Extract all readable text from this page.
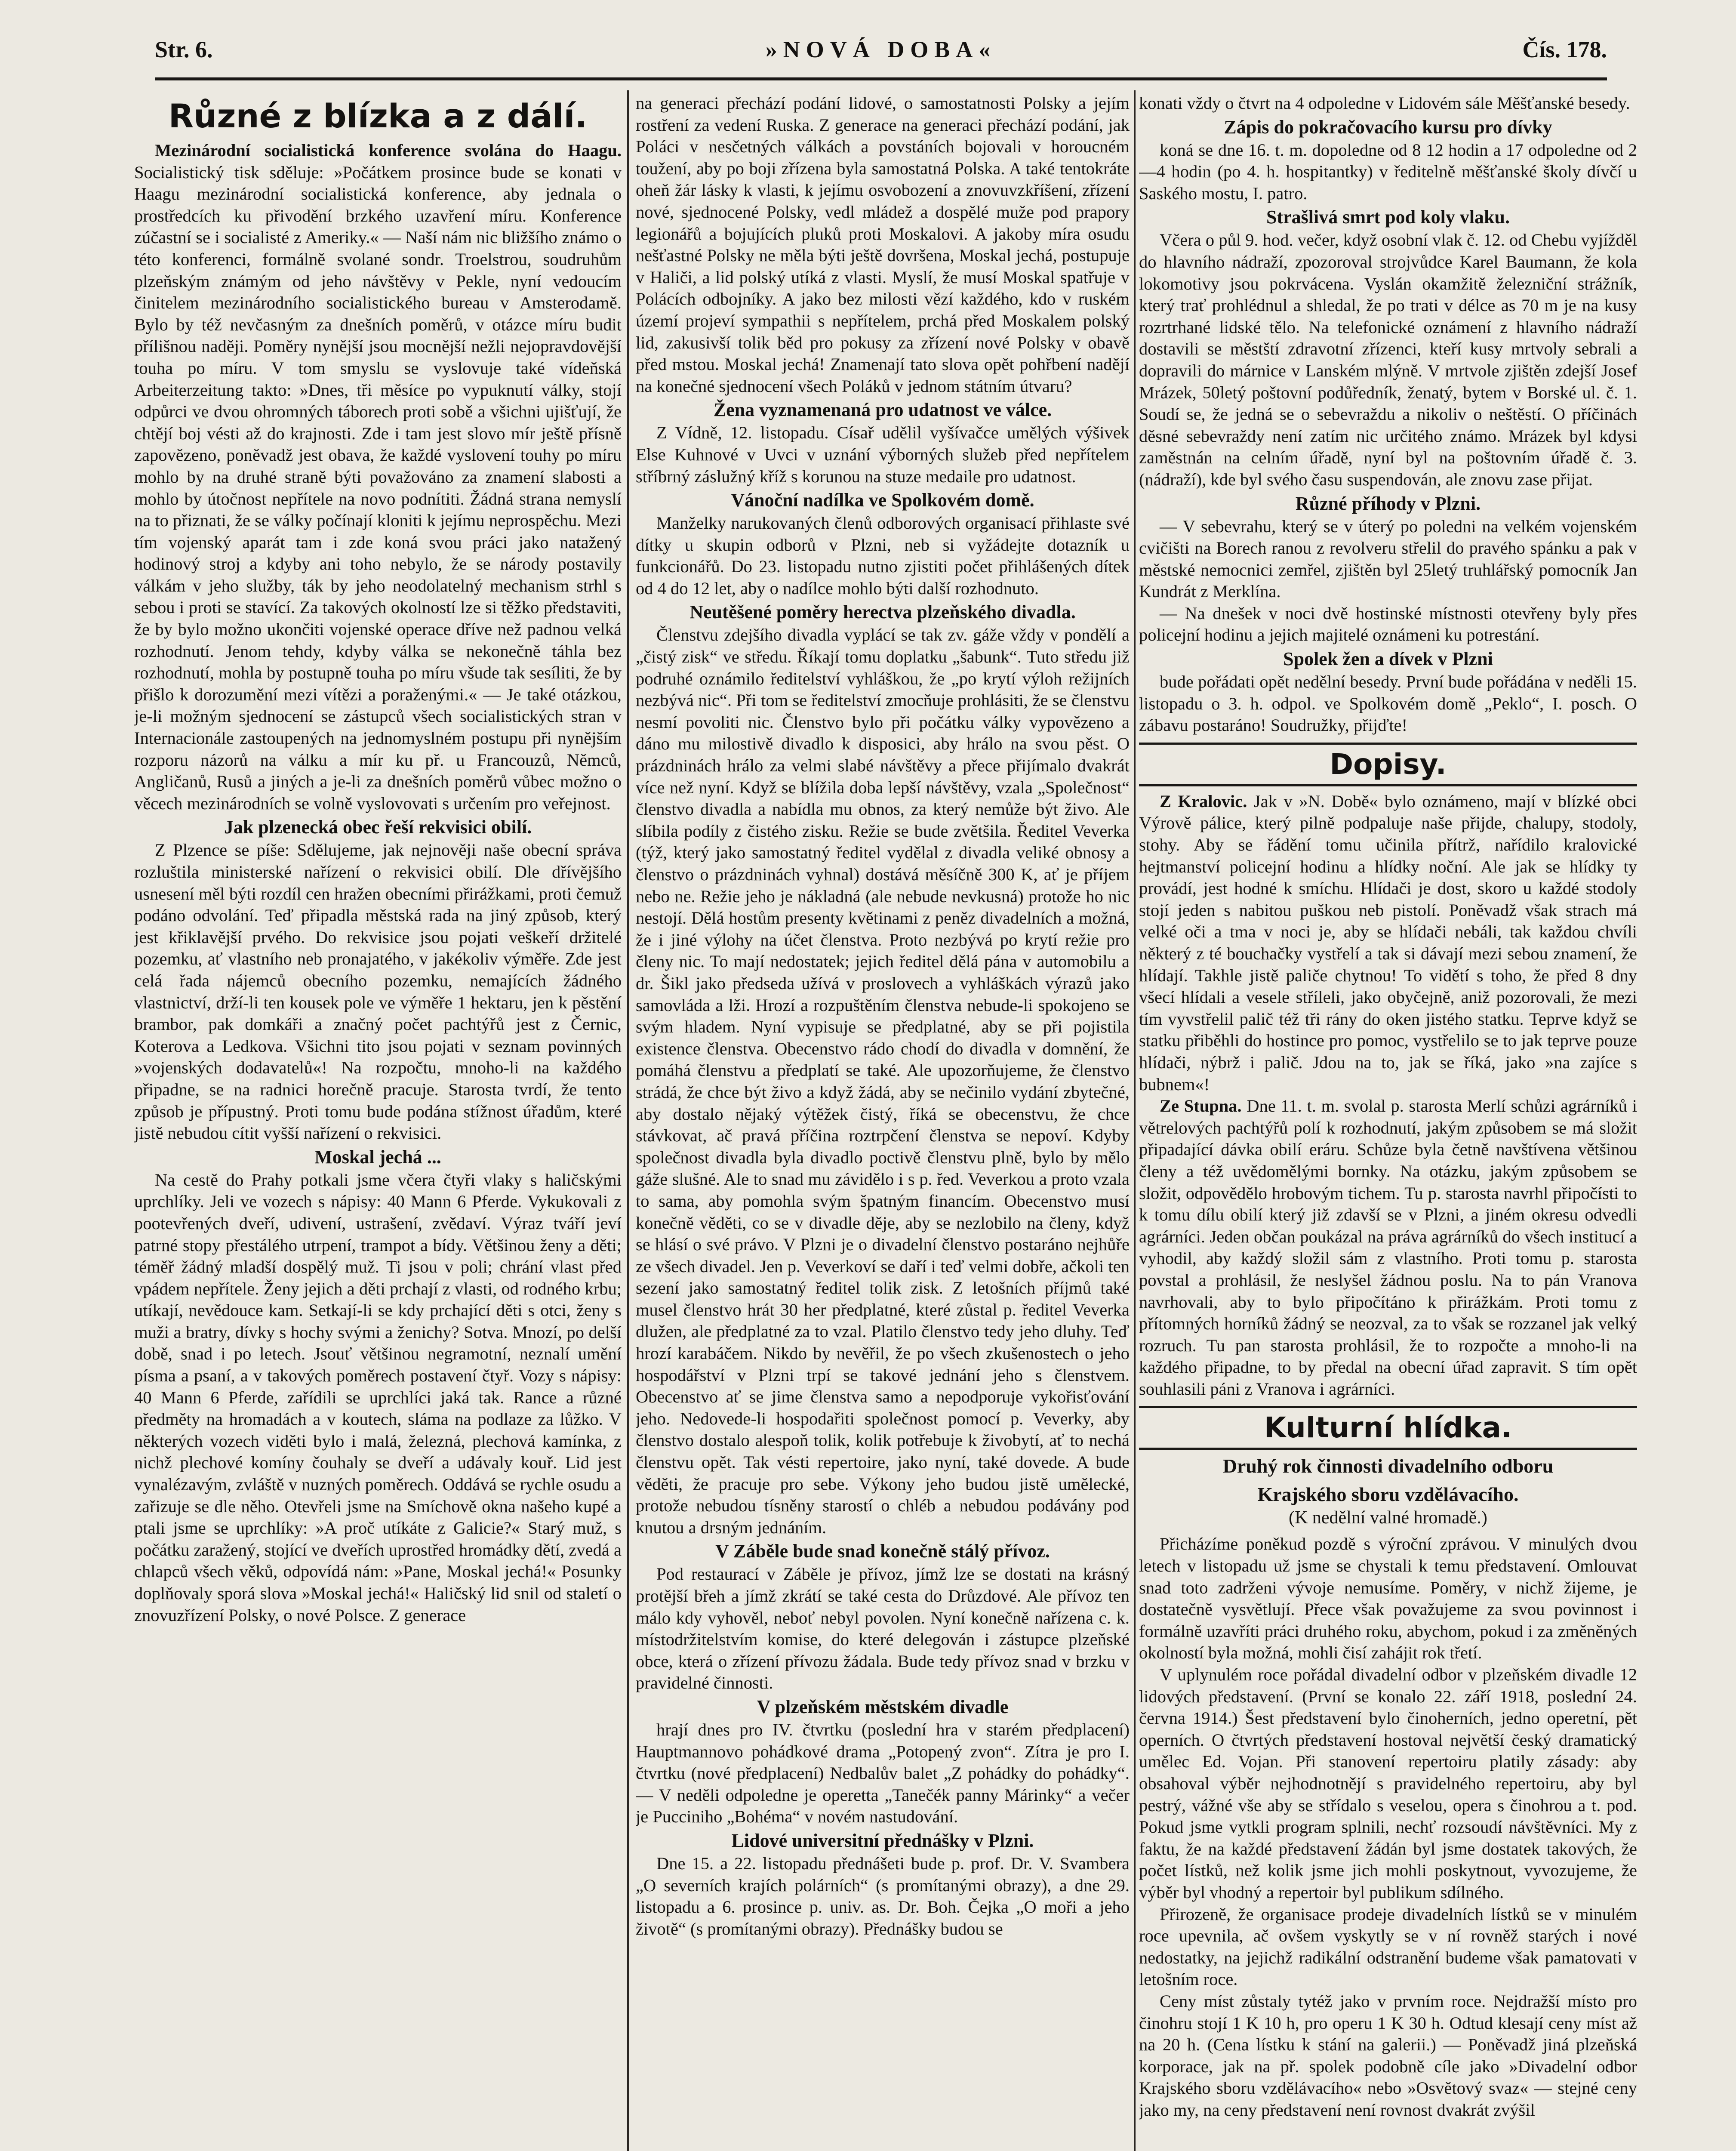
Str. 6.	»NOVÁ DOBA«	Čís. 178.
Různé z blízka a z dálí.

Mezinárodní socialistická konference svolána do Haagu. Socialistický tisk sděluje: »Počátkem prosince bude se konati v Haagu mezinárodní socialistická konference, aby jednala o prostředcích ku přivodění brzkého uzavření míru. Konference zúčastní se i socialisté z Ameriky.« — Naší nám nic bližšího známo o této konferenci, formálně svolané sondr. Troelstrou, soudruhům plzeňským známým od jeho návštěvy v Pekle, nyní vedoucím činitelem mezinárodního socialistického bureau v Amsterodamě. Bylo by též nevčasným za dnešních poměrů, v otázce míru budit přílišnou naději. Poměry nynější jsou mocnější nežli nejopravdovější touha po míru. V tom smyslu se vyslovuje také vídeňská Arbeiterzeitung takto: »Dnes, tři měsíce po vypuknutí války, stojí odpůrci ve dvou ohromných táborech proti sobě a všichni ujišťují, že chtějí boj vésti až do krajnosti. Zde i tam jest slovo mír ještě přísně zapovězeno, poněvadž jest obava, že každé vyslovení touhy po míru mohlo by na druhé straně býti považováno za znamení slabosti a mohlo by útočnost nepřítele na novo podnítiti. Žádná strana nemyslí na to přiznati, že se války počínají kloniti k jejímu neprospěchu. Mezi tím vojenský aparát tam i zde koná svou práci jako natažený hodinový stroj a kdyby ani toho nebylo, že se národy postavily válkám v jeho služby, ták by jeho neodolatelný mechanism strhl s sebou i proti se stavící. Za takových okolností lze si těžko představiti, že by bylo možno ukončiti vojenské operace dříve než padnou velká rozhodnutí. Jenom tehdy, kdyby válka se nekonečně táhla bez rozhodnutí, mohla by postupně touha po míru všude tak sesíliti, že by přišlo k dorozumění mezi vítězi a poraženými.« — Je také otázkou, je-li možným sjednocení se zástupců všech socialistických stran v Internacionále zastoupených na jednomyslném postupu při nynějším rozporu názorů na válku a mír ku př. u Francouzů, Němců, Angličanů, Rusů a jiných a je-li za dnešních poměrů vůbec možno o věcech mezinárodních se volně vyslovovati s určením pro veřejnost.

Jak plzenecká obec řeší rekvisici obilí.

Z Plzence se píše: Sdělujeme, jak nejnověji naše obecní správa rozluštila ministerské nařízení o rekvisici obilí. Dle dřívějšího usnesení měl býti rozdíl cen hražen obecními přirážkami, proti čemuž podáno odvolání. Teď připadla městská rada na jiný způsob, který jest křiklavější prvého. Do rekvisice jsou pojati veškeří držitelé pozemku, ať vlastního neb pronajatého, v jakékoliv výměře. Zde jest celá řada nájemců obecního pozemku, nemajících žádného vlastnictví, drží-li ten kousek pole ve výměře 1 hektaru, jen k pěstění brambor, pak domkáři a značný počet pachtýřů jest z Černic, Koterova a Ledkova. Všichni tito jsou pojati v seznam povinných »vojenských dodavatelů«! Na rozpočtu, mnoho-li na každého připadne, se na radnici horečně pracuje. Starosta tvrdí, že tento způsob je přípustný. Proti tomu bude podána stížnost úřadům, které jistě nebudou cítit vyšší nařízení o rekvisici.

Moskal jechá ...

Na cestě do Prahy potkali jsme včera čtyři vlaky s haličskými uprchlíky. Jeli ve vozech s nápisy: 40 Mann 6 Pferde. Vykukovali z pootevřených dveří, udivení, ustrašení, zvědaví. Výraz tváří jeví patrné stopy přestálého utrpení, trampot a bídy. Většinou ženy a děti; téměř žádný mladší dospělý muž. Ti jsou v poli; chrání vlast před vpádem nepřítele. Ženy jejich a děti prchají z vlasti, od rodného krbu; utíkají, nevědouce kam. Setkají-li se kdy prchající děti s otci, ženy s muži a bratry, dívky s hochy svými a ženichy? Sotva. Mnozí, po delší době, snad i po letech. Jsouť většinou negramotní, neznalí umění písma a psaní, a v takových poměrech postavení čtyř. Vozy s nápisy: 40 Mann 6 Pferde, zařídili se uprchlíci jaká tak. Rance a různé předměty na hromadách a v koutech, sláma na podlaze za lůžko. V některých vozech viděti bylo i malá, železná, plechová kamínka, z nichž plechové komíny čouhaly se dveří a udávaly kouř. Lid jest vynalézavým, zvláště v nuzných poměrech. Oddává se rychle osudu a zařizuje se dle něho. Otevřeli jsme na Smíchově okna našeho kupé a ptali jsme se uprchlíky: »A proč utíkáte z Galicie?« Starý muž, s počátku zaražený, stojící ve dveřích uprostřed hromádky dětí, zvedá a chlapců všech věků, odpovídá nám: »Pane, Moskal jechá!« Posunky doplňovaly sporá slova »Moskal jechá!« Haličský lid snil od staletí o znovuzřízení Polsky, o nové Polsce. Z generace

na generaci přechází podání lidové, o samostatnosti Polsky a jejím rostření za vedení Ruska. Z generace na generaci přechází podání, jak Poláci v nesčetných válkách a povstáních bojovali v horoucném toužení, aby po boji zřízena byla samostatná Polska. A také tentokráte oheň žár lásky k vlasti, k jejímu osvobození a znovuvzkříšení, zřízení nové, sjednocené Polsky, vedl mládež a dospělé muže pod prapory legionářů a bojujících pluků proti Moskalovi. A jakoby míra osudu nešťastné Polsky ne měla býti ještě dovršena, Moskal jechá, postupuje v Haliči, a lid polský utíká z vlasti. Myslí, že musí Moskal spatřuje v Polácích odbojníky. A jako bez milosti vězí každého, kdo v ruském území projeví sympathii s nepřítelem, prchá před Moskalem polský lid, zakusivší tolik běd pro pokusy za zřízení nové Polsky v obavě před mstou. Moskal jechá! Znamenají tato slova opět pohřbení nadějí na konečné sjednocení všech Poláků v jednom státním útvaru?

Žena vyznamenaná pro udatnost ve válce.

Z Vídně, 12. listopadu. Císař udělil vyšívačce umělých výšivek Else Kuhnové v Uvci v uznání výborných služeb před nepřítelem stříbrný záslužný kříž s korunou na stuze medaile pro udatnost.

Vánoční nadílka ve Spolkovém domě.

Manželky narukovaných členů odborových organisací přihlaste své dítky u skupin odborů v Plzni, neb si vyžádejte dotazník u funkcionářů. Do 23. listopadu nutno zjistiti počet přihlášených dítek od 4 do 12 let, aby o nadílce mohlo býti další rozhodnuto.

Neutěšené poměry herectva plzeňského divadla.

Členstvu zdejšího divadla vyplácí se tak zv. gáže vždy v pondělí a „čistý zisk“ ve středu. Říkají tomu doplatku „šabunk“. Tuto středu již podruhé oznámilo ředitelství vyhláškou, že „po krytí výloh režijních nezbývá nic“. Při tom se ředitelství zmocňuje prohlásiti, že se členstvu nesmí povoliti nic. Členstvo bylo při počátku války vypovězeno a dáno mu milostivě divadlo k disposici, aby hrálo na svou pěst. O prázdninách hrálo za velmi slabé návštěvy a přece přijímalo dvakrát více než nyní. Když se blížila doba lepší návštěvy, vzala „Společnost“ členstvo divadla a nabídla mu obnos, za který nemůže být živo. Ale slíbila podíly z čistého zisku. Režie se bude zvětšila. Ředitel Veverka (týž, který jako samostatný ředitel vydělal z divadla veliké obnosy a členstvo o prázdninách vyhnal) dostává měsíčně 300 K, ať je příjem nebo ne. Režie jeho je nákladná (ale nebude nevkusná) protože ho nic nestojí. Dělá hostům presenty květinami z peněz divadelních a možná, že i jiné výlohy na účet členstva. Proto nezbývá po krytí režie pro členy nic. To mají nedostatek; jejich ředitel dělá pána v automobilu a dr. Šikl jako předseda užívá v proslovech a vyhláškách výrazů jako samovláda a lži. Hrozí a rozpuštěním členstva nebude-li spokojeno se svým hladem. Nyní vypisuje se předplatné, aby se při pojistila existence členstva. Obecenstvo rádo chodí do divadla v domnění, že pomáhá členstvu a předplatí se také. Ale upozorňujeme, že členstvo strádá, že chce být živo a když žádá, aby se nečinilo vydání zbytečné, aby dostalo nějaký výtěžek čistý, říká se obecenstvu, že chce stávkovat, ač pravá příčina roztrpčení členstva se nepoví. Kdyby společnost divadla byla divadlo poctivě členstvu plně, bylo by mělo gáže slušné. Ale to snad mu závidělo i s p. řed. Veverkou a proto vzala to sama, aby pomohla svým špatným financím. Obecenstvo musí konečně věděti, co se v divadle děje, aby se nezlobilo na členy, když se hlásí o své právo. V Plzni je o divadelní členstvo postaráno nejhůře ze všech divadel. Jen p. Veverkoví se daří i teď velmi dobře, ačkoli ten sezení jako samostatný ředitel tolik zisk. Z letošních příjmů také musel členstvo hrát 30 her předplatné, které zůstal p. ředitel Veverka dlužen, ale předplatné za to vzal. Platilo členstvo tedy jeho dluhy. Teď hrozí karabáčem. Nikdo by nevěřil, že po všech zkušenostech o jeho hospodářství v Plzni trpí se takové jednání jeho s členstvem. Obecenstvo ať se jime členstva samo a nepodporuje vykořisťování jeho. Nedovede-li hospodařiti společnost pomocí p. Veverky, aby členstvo dostalo alespoň tolik, kolik potřebuje k živobytí, ať to nechá členstvu opět. Tak vésti repertoire, jako nyní, také dovede. A bude věděti, že pracuje pro sebe. Výkony jeho budou jistě umělecké, protože nebudou tísněny starostí o chléb a nebudou podávány pod knutou a drsným jednáním.

V Záběle bude snad konečně stálý přívoz.

Pod restaurací v Záběle je přívoz, jímž lze se dostati na krásný protější břeh a jímž zkrátí se také cesta do Drůzdové. Ale přívoz ten málo kdy vyhověl, neboť nebyl povolen. Nyní konečně nařízena c. k. místodržitelstvím komise, do které delegován i zástupce plzeňské obce, která o zřízení přívozu žádala. Bude tedy přívoz snad v brzku v pravidelné činnosti.

V plzeňském městském divadle

hrají dnes pro IV. čtvrtku (poslední hra v starém předplacení) Hauptmannovo pohádkové drama „Potopený zvon“. Zítra je pro I. čtvrtku (nové předplacení) Nedbalův balet „Z pohádky do pohádky“. — V neděli odpoledne je operetta „Tanečék panny Márinky“ a večer je Pucciniho „Bohéma“ v novém nastudování.

Lidové universitní přednášky v Plzni.

Dne 15. a 22. listopadu přednášeti bude p. prof. Dr. V. Svambera „O severních krajích polárních“ (s promítanými obrazy), a dne 29. listopadu a 6. prosince p. univ. as. Dr. Boh. Čejka „O moři a jeho životě“ (s promítanými obrazy). Přednášky budou se

konati vždy o čtvrt na 4 odpoledne v Lidovém sále Měšťanské besedy.

Zápis do pokračovacího kursu pro dívky

koná se dne 16. t. m. dopoledne od 8 12 hodin a 17 odpoledne od 2—4 hodin (po 4. h. hospitantky) v ředitelně měšťanské školy dívčí u Saského mostu, I. patro.

Strašlivá smrt pod koly vlaku.

Včera o půl 9. hod. večer, když osobní vlak č. 12. od Chebu vyjížděl do hlavního nádraží, zpozoroval strojvůdce Karel Baumann, že kola lokomotivy jsou pokrvácena. Vyslán okamžitě železniční strážník, který trať prohlédnul a shledal, že po trati v délce as 70 m je na kusy rozrtrhané lidské tělo. Na telefonické oznámení z hlavního nádraží dostavili se městští zdravotní zřízenci, kteří kusy mrtvoly sebrali a dopravili do márnice v Lanském mlýně. V mrtvole zjištěn zdejší Josef Mrázek, 50letý poštovní podůředník, ženatý, bytem v Borské ul. č. 1. Soudí se, že jedná se o sebevraždu a nikoliv o neštěstí. O příčinách děsné sebevraždy není zatím nic určitého známo. Mrázek byl kdysi zaměstnán na celním úřadě, nyní byl na poštovním úřadě č. 3. (nádraží), kde byl svého času suspendován, ale znovu zase přijat.

Různé příhody v Plzni.

— V sebevrahu, který se v úterý po poledni na velkém vojenském cvičišti na Borech ranou z revolveru střelil do pravého spánku a pak v městské nemocnici zemřel, zjištěn byl 25letý truhlářský pomocník Jan Kundrát z Merklína.

— Na dnešek v noci dvě hostinské místnosti otevřeny byly přes policejní hodinu a jejich majitelé oznámeni ku potrestání.

Spolek žen a dívek v Plzni

bude pořádati opět nedělní besedy. První bude pořádána v neděli 15. listopadu o 3. h. odpol. ve Spolkovém domě „Peklo“, I. posch. O zábavu postaráno! Soudružky, přijďte!

Dopisy.

Z Kralovic. Jak v »N. Době« bylo oznámeno, mají v blízké obci Výrově pálice, který pilně podpaluje naše přijde, chalupy, stodoly, stohy. Aby se řádění tomu učinila přítrž, nařídilo kralovické hejtmanství policejní hodinu a hlídky noční. Ale jak se hlídky ty provádí, jest hodné k smíchu. Hlídači je dost, skoro u každé stodoly stojí jeden s nabitou puškou neb pistolí. Poněvadž však strach má velké oči a tma v noci je, aby se hlídači nebáli, tak každou chvíli některý z té bouchačky vystřelí a tak si dávají mezi sebou znamení, že hlídají. Takhle jistě paliče chytnou! To vidětí s toho, že před 8 dny všecí hlídali a vesele stříleli, jako obyčejně, aniž pozorovali, že mezi tím vyvstřelil palič též tři rány do oken jistého statku. Teprve když se statku přiběhli do hostince pro pomoc, vystřelilo se to jak teprve pouze hlídači, nýbrž i palič. Jdou na to, jak se říká, jako »na zajíce s bubnem«!

Ze Stupna. Dne 11. t. m. svolal p. starosta Merlí schůzi agrárníků i větrelových pachtýřů polí k rozhodnutí, jakým způsobem se má složit připadající dávka obilí eráru. Schůze byla četně navštívena většinou členy a též uvědomělými bornky. Na otázku, jakým způsobem se složit, odpovědělo hrobovým tichem. Tu p. starosta navrhl připočísti to k tomu dílu obilí který již zdavší se v Plzni, a jiném okresu odvedli agrárníci. Jeden občan poukázal na práva agrárníků do všech institucí a vyhodil, aby každý složil sám z vlastního. Proti tomu p. starosta povstal a prohlásil, že neslyšel žádnou poslu. Na to pán Vranova navrhovali, aby to bylo připočítáno k přirážkám. Proti tomu z přítomných horníků žádný se neozval, za to však se rozzanel jak velký rozruch. Tu pan starosta prohlásil, že to rozpočte a mnoho-li na každého připadne, to by předal na obecní úřad zapravit. S tím opět souhlasili páni z Vranova i agrárníci.

Kulturní hlídka.
Druhý rok činnosti divadelního odboru
Krajského sboru vzdělávacího.
(K nedělní valné hromadě.)

Přicházíme poněkud pozdě s výroční zprávou. V minulých dvou letech v listopadu už jsme se chystali k temu představení. Omlouvat snad toto zadrženi vývoje nemusíme. Poměry, v nichž žijeme, je dostatečně vysvětlují. Přece však považujeme za svou povinnost i formálně uzavříti práci druhého roku, abychom, pokud i za změněných okolností byla možná, mohli čisí zahájit rok třetí.

V uplynulém roce pořádal divadelní odbor v plzeňském divadle 12 lidových představení. (První se konalo 22. září 1918, poslední 24. června 1914.) Šest představení bylo činoherních, jedno operetní, pět operních. O čtvrtých představení hostoval největší český dramatický umělec Ed. Vojan. Při stanovení repertoiru platily zásady: aby obsahoval výběr nejhodnotnějí s pravidelného repertoiru, aby byl pestrý, vážné vše aby se střídalo s veselou, opera s činohrou a t. pod. Pokud jsme vytkli program splnili, nechť rozsoudí návštěvníci. My z faktu, že na každé představení žádán byl jsme dostatek takových, že počet lístků, než kolik jsme jich mohli poskytnout, vyvozujeme, že výběr byl vhodný a repertoir byl publikum sdílného.

Přirozeně, že organisace prodeje divadelních lístků se v minulém roce upevnila, ač ovšem vyskytly se v ní rovněž starých i nové nedostatky, na jejichž radikální odstranění budeme však pamatovati v letošním roce.

Ceny míst zůstaly tytéž jako v prvním roce. Nejdražší místo pro činohru stojí 1 K 10 h, pro operu 1 K 30 h. Odtud klesají ceny míst až na 20 h. (Cena lístku k stání na galerii.) — Poněvadž jiná plzeňská korporace, jak na př. spolek podobně cíle jako »Divadelní odbor Krajského sboru vzdělávacího« nebo »Osvětový svaz« — stejné ceny jako my, na ceny představení není rovnost dvakrát zvýšil
